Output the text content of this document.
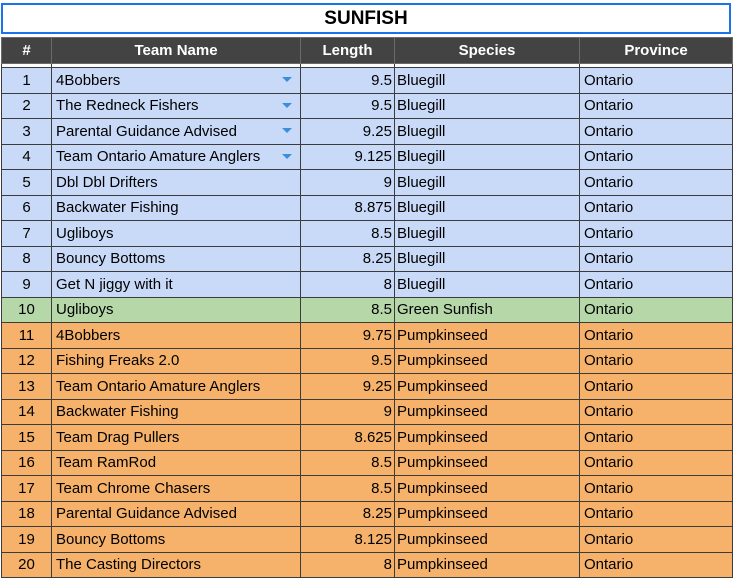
SUNFISH
#	Team Name	Length	Species	Province

1	4Bobbers	9.5	Bluegill	Ontario
2	The Redneck Fishers	9.5	Bluegill	Ontario
3	Parental Guidance Advised	9.25	Bluegill	Ontario
4	Team Ontario Amature Anglers	9.125	Bluegill	Ontario
5	Dbl Dbl Drifters	9	Bluegill	Ontario
6	Backwater Fishing	8.875	Bluegill	Ontario
7	Ugliboys	8.5	Bluegill	Ontario
8	Bouncy Bottoms	8.25	Bluegill	Ontario
9	Get N jiggy with it	8	Bluegill	Ontario
10	Ugliboys	8.5	Green Sunfish	Ontario
11	4Bobbers	9.75	Pumpkinseed	Ontario
12	Fishing Freaks 2.0	9.5	Pumpkinseed	Ontario
13	Team Ontario Amature Anglers	9.25	Pumpkinseed	Ontario
14	Backwater Fishing	9	Pumpkinseed	Ontario
15	Team Drag Pullers	8.625	Pumpkinseed	Ontario
16	Team RamRod	8.5	Pumpkinseed	Ontario
17	Team Chrome Chasers	8.5	Pumpkinseed	Ontario
18	Parental Guidance Advised	8.25	Pumpkinseed	Ontario
19	Bouncy Bottoms	8.125	Pumpkinseed	Ontario
20	The Casting Directors	8	Pumpkinseed	Ontario
